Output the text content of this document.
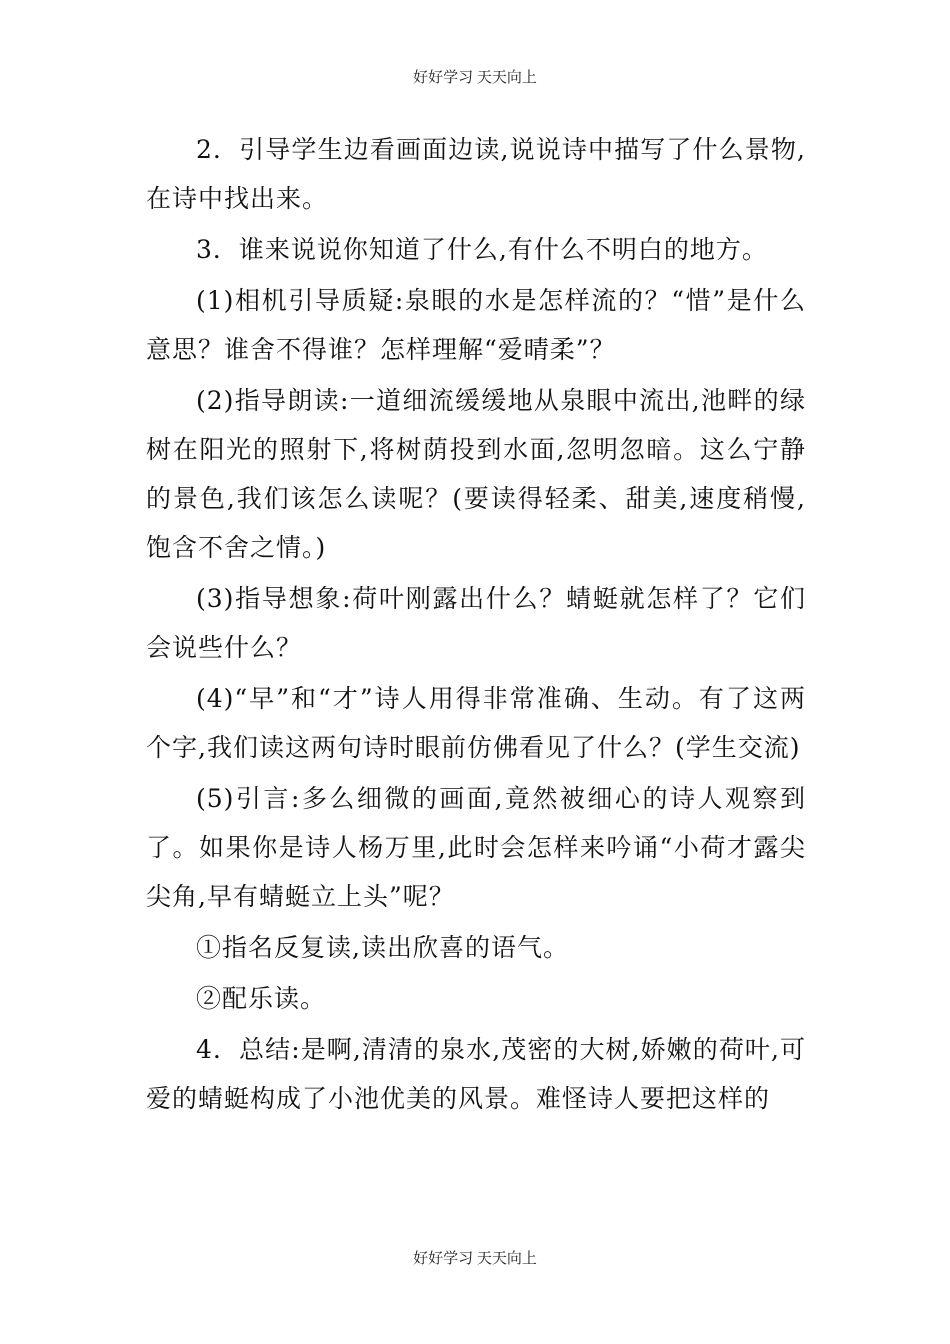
好好学习 天天向上

2．引导学生边看画面边读,说说诗中描写了什么景物,在诗中找出来。

3．谁来说说你知道了什么,有什么不明白的地方。

(1)相机引导质疑:泉眼的水是怎样流的？“惜”是什么意思？谁舍不得谁？怎样理解“爱晴柔”？

(2)指导朗读:一道细流缓缓地从泉眼中流出,池畔的绿树在阳光的照射下,将树荫投到水面,忽明忽暗。这么宁静的景色,我们该怎么读呢？(要读得轻柔、甜美,速度稍慢,饱含不舍之情。)

(3)指导想象:荷叶刚露出什么？蜻蜓就怎样了？它们会说些什么？

(4)“早”和“才”诗人用得非常准确、生动。有了这两个字,我们读这两句诗时眼前仿佛看见了什么？(学生交流)

(5)引言:多么细微的画面,竟然被细心的诗人观察到了。如果你是诗人杨万里,此时会怎样来吟诵“小荷才露尖尖角,早有蜻蜓立上头”呢？

①指名反复读,读出欣喜的语气。

②配乐读。

4．总结:是啊,清清的泉水,茂密的大树,娇嫩的荷叶,可爱的蜻蜓构成了小池优美的风景。难怪诗人要把这样的

好好学习 天天向上
